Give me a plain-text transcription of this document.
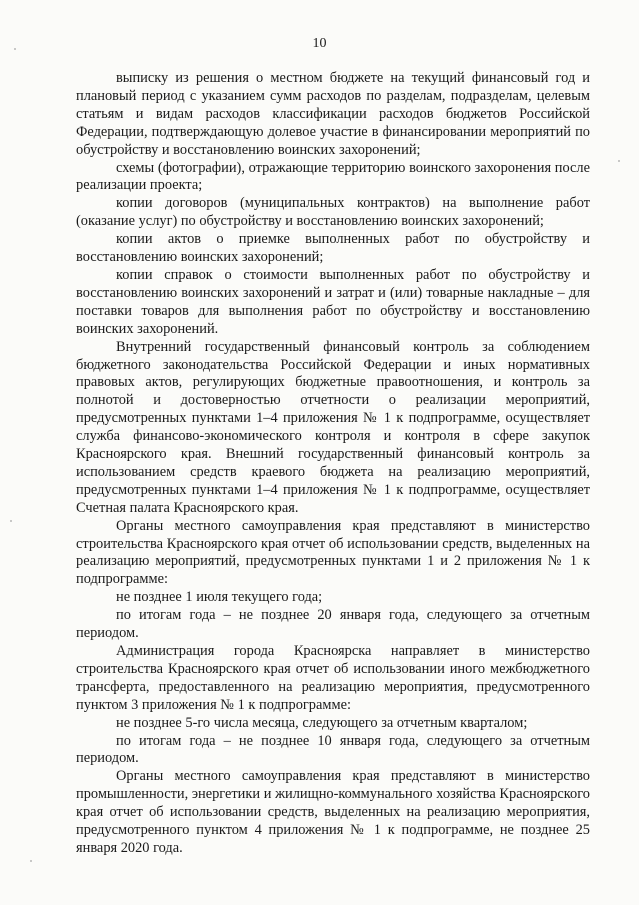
10

выписку из решения о местном бюджете на текущий финансовый год и плановый период с указанием сумм расходов по разделам, подразделам, целевым статьям и видам расходов классификации расходов бюджетов Российской Федерации, подтверждающую долевое участие в финансировании мероприятий по обустройству и восстановлению воинских захоронений;

схемы (фотографии), отражающие территорию воинского захоронения после реализации проекта;

копии договоров (муниципальных контрактов) на выполнение работ (оказание услуг) по обустройству и восстановлению воинских захоронений;

копии актов о приемке выполненных работ по обустройству и восстановлению воинских захоронений;

копии справок о стоимости выполненных работ по обустройству и восстановлению воинских захоронений и затрат и (или) товарные накладные – для поставки товаров для выполнения работ по обустройству и восстановлению воинских захоронений.

Внутренний государственный финансовый контроль за соблюдением бюджетного законодательства Российской Федерации и иных нормативных правовых актов, регулирующих бюджетные правоотношения, и контроль за полнотой и достоверностью отчетности о реализации мероприятий, предусмотренных пунктами 1–4 приложения № 1 к подпрограмме, осуществляет служба финансово-экономического контроля и контроля в сфере закупок Красноярского края. Внешний государственный финансовый контроль за использованием средств краевого бюджета на реализацию мероприятий, предусмотренных пунктами 1–4 приложения № 1 к подпрограмме, осуществляет Счетная палата Красноярского края.

Органы местного самоуправления края представляют в министерство строительства Красноярского края отчет об использовании средств, выделенных на реализацию мероприятий, предусмотренных пунктами 1 и 2 приложения № 1 к подпрограмме:

не позднее 1 июля текущего года;

по итогам года – не позднее 20 января года, следующего за отчетным периодом.

Администрация города Красноярска направляет в министерство строительства Красноярского края отчет об использовании иного межбюджетного трансферта, предоставленного на реализацию мероприятия, предусмотренного пунктом 3 приложения № 1 к подпрограмме:

не позднее 5-го числа месяца, следующего за отчетным кварталом;

по итогам года – не позднее 10 января года, следующего за отчетным периодом.

Органы местного самоуправления края представляют в министерство промышленности, энергетики и жилищно-коммунального хозяйства Красноярского края отчет об использовании средств, выделенных на реализацию мероприятия, предусмотренного пунктом 4 приложения № 1 к подпрограмме, не позднее 25 января 2020 года.
